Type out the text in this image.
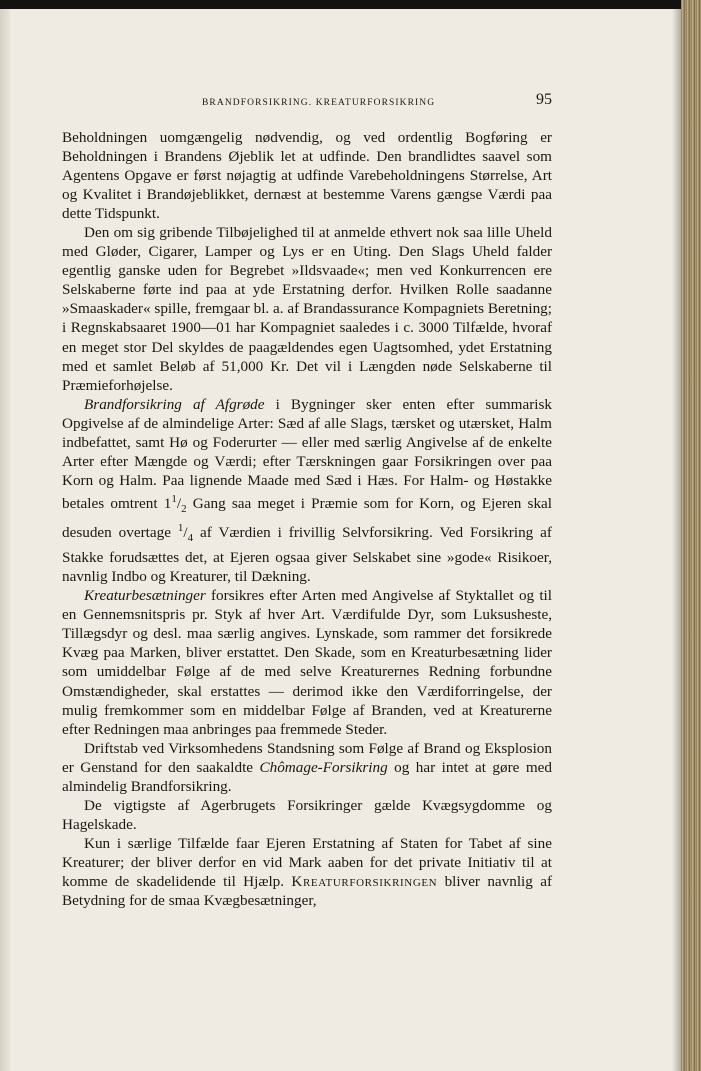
BRANDFORSIKRING. KREATURFORSIKRING	95

Beholdningen uomgængelig nødvendig, og ved ordentlig Bogføring er Beholdningen i Brandens Øjeblik let at udfinde. Den brandlidtes saavel som Agentens Opgave er først nøjagtig at udfinde Varebeholdningens Størrelse, Art og Kvalitet i Brandøjeblikket, dernæst at bestemme Varens gængse Værdi paa dette Tidspunkt.

Den om sig gribende Tilbøjelighed til at anmelde ethvert nok saa lille Uheld med Gløder, Cigarer, Lamper og Lys er en Uting. Den Slags Uheld falder egentlig ganske uden for Begrebet »Ildsvaade«; men ved Konkurrencen ere Selskaberne førte ind paa at yde Erstatning derfor. Hvilken Rolle saadanne »Smaaskader« spille, fremgaar bl. a. af Brandassurance Kompagniets Beretning; i Regnskabsaaret 1900—01 har Kompagniet saaledes i c. 3000 Tilfælde, hvoraf en meget stor Del skyldes de paagældendes egen Uagtsomhed, ydet Erstatning med et samlet Beløb af 51,000 Kr. Det vil i Længden nøde Selskaberne til Præmieforhøjelse.

Brandforsikring af Afgrøde i Bygninger sker enten efter summarisk Opgivelse af de almindelige Arter: Sæd af alle Slags, tærsket og utærsket, Halm indbefattet, samt Hø og Foderurter — eller med særlig Angivelse af de enkelte Arter efter Mængde og Værdi; efter Tærskningen gaar Forsikringen over paa Korn og Halm. Paa lignende Maade med Sæd i Hæs. For Halm- og Høstakke betales omtrent $1^1/_2$ Gang saa meget i Præmie som for Korn, og Ejeren skal desuden overtage $^1/_4$ af Værdien i frivillig Selvforsikring. Ved Forsikring af Stakke forudsættes det, at Ejeren ogsaa giver Selskabet sine »gode« Risikoer, navnlig Indbo og Kreaturer, til Dækning.

Kreaturbesætninger forsikres efter Arten med Angivelse af Styktallet og til en Gennemsnitspris pr. Styk af hver Art. Værdifulde Dyr, som Luksusheste, Tillægsdyr og desl. maa særlig angives. Lynskade, som rammer det forsikrede Kvæg paa Marken, bliver erstattet. Den Skade, som en Kreaturbesætning lider som umiddelbar Følge af de med selve Kreaturernes Redning forbundne Omstændigheder, skal erstattes — derimod ikke den Værdiforringelse, der mulig fremkommer som en middelbar Følge af Branden, ved at Kreaturerne efter Redningen maa anbringes paa fremmede Steder.

Driftstab ved Virksomhedens Standsning som Følge af Brand og Eksplosion er Genstand for den saakaldte Chômage-Forsikring og har intet at gøre med almindelig Brandforsikring.

De vigtigste af Agerbrugets Forsikringer gælde Kvægsygdomme og Hagelskade.

Kun i særlige Tilfælde faar Ejeren Erstatning af Staten for Tabet af sine Kreaturer; der bliver derfor en vid Mark aaben for det private Initiativ til at komme de skadelidende til Hjælp. Kreaturforsikringen bliver navnlig af Betydning for de smaa Kvægbesætninger,
